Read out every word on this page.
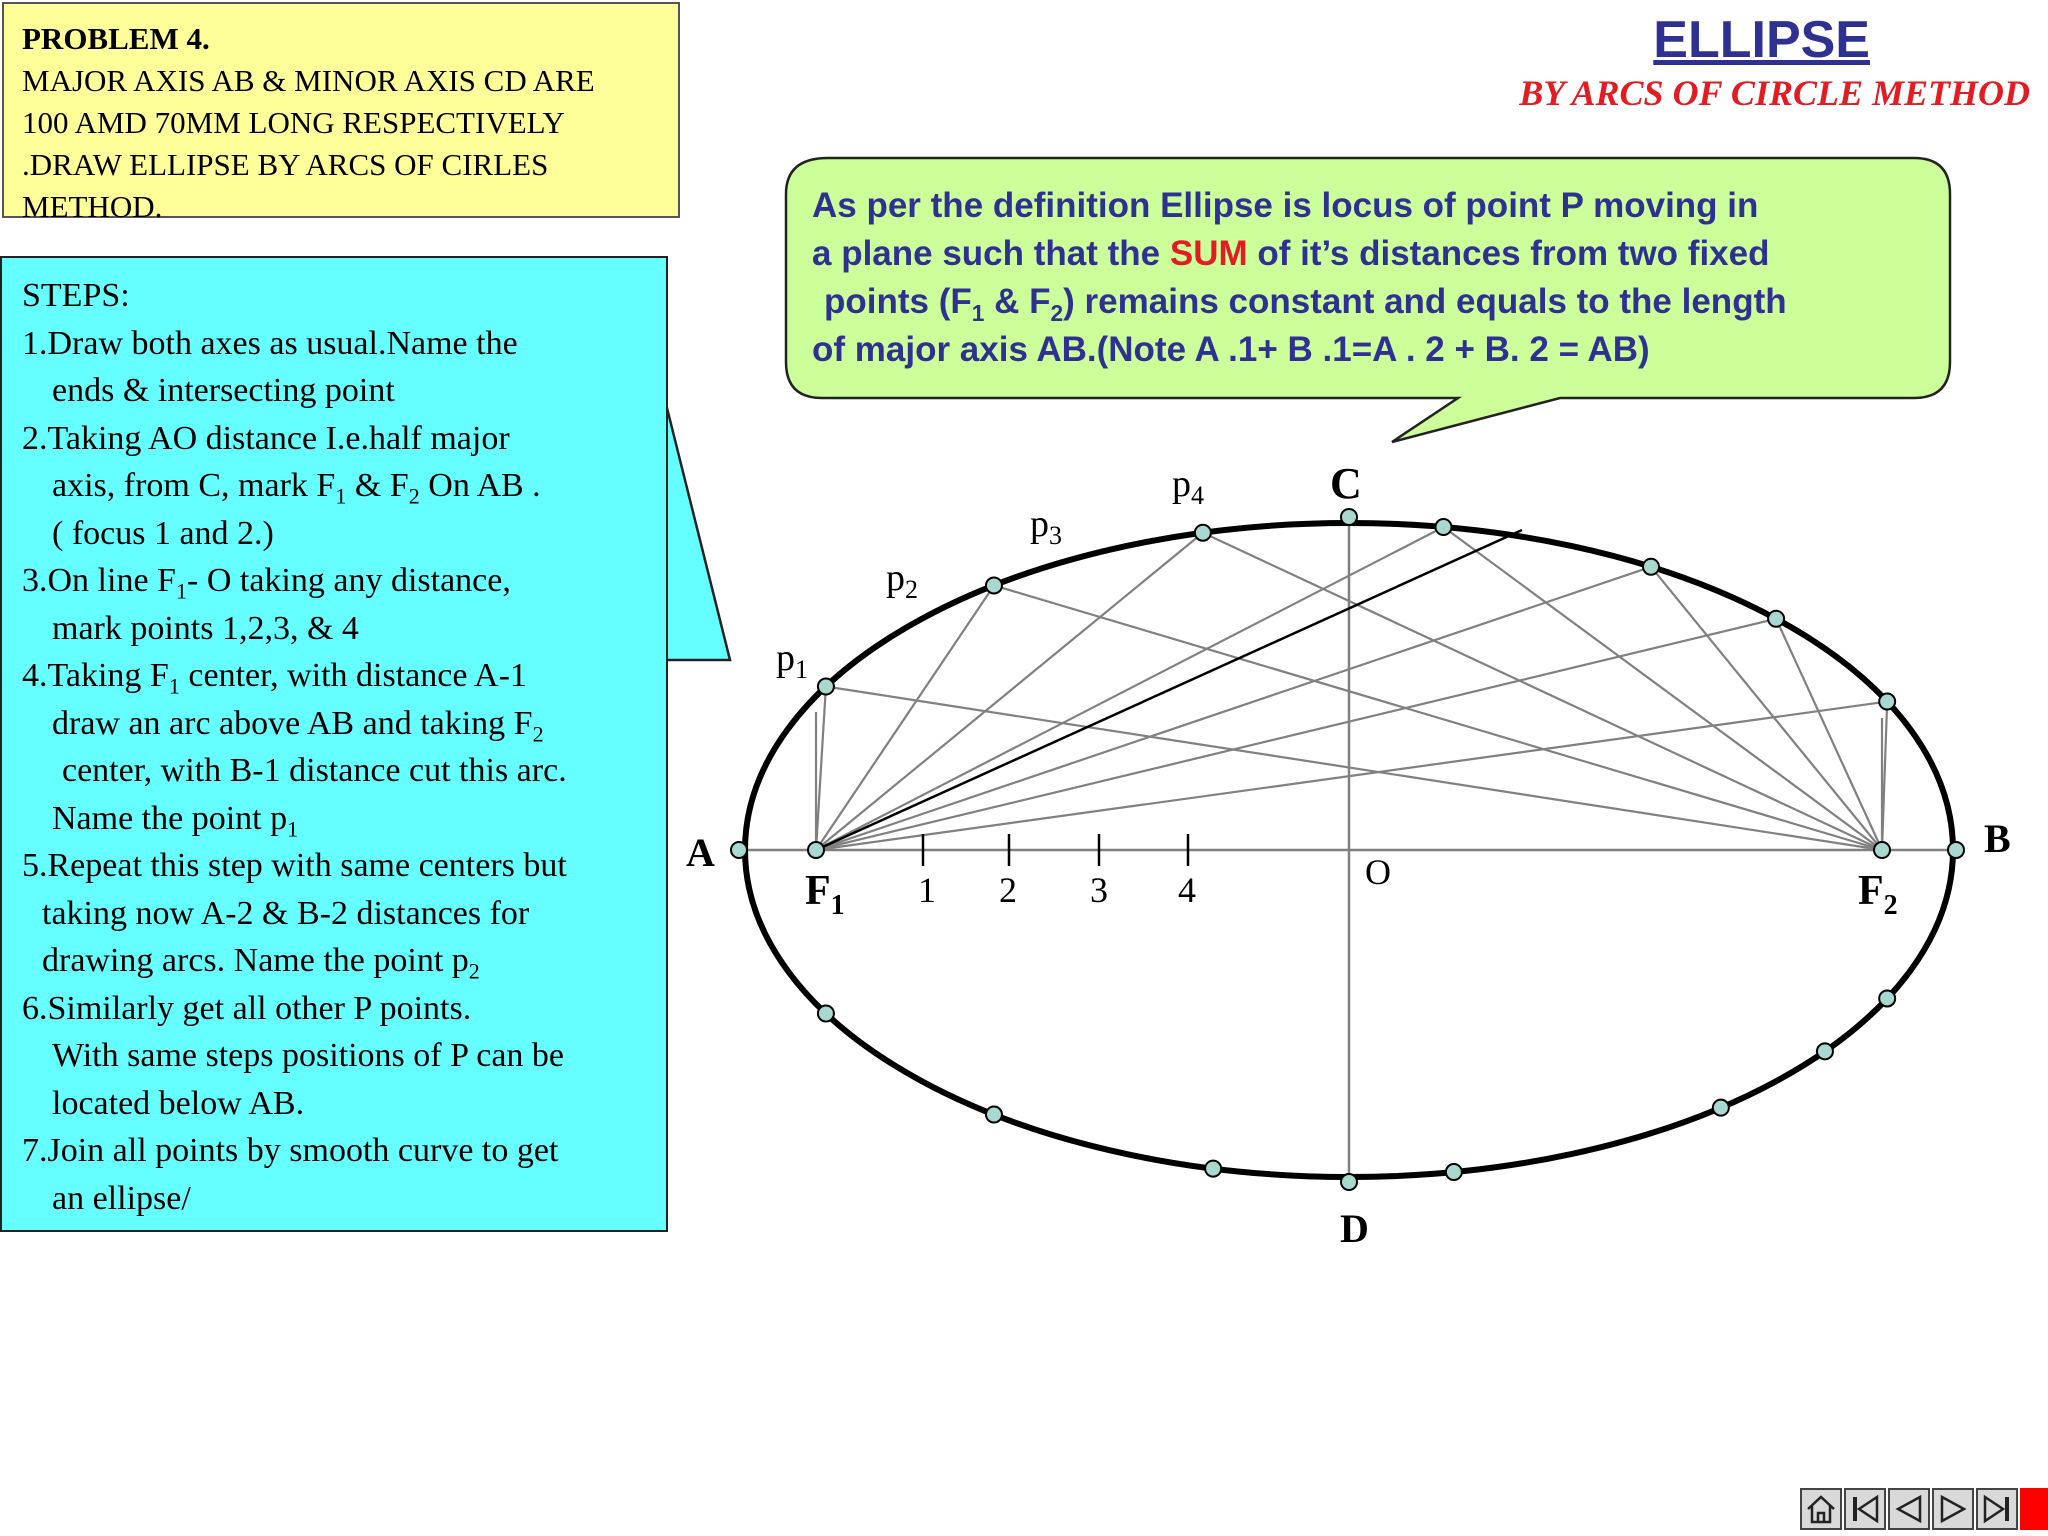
A	B
C
D
O
$F_1$	$F_2$
$p_1$
$p_2$
$p_3$
$p_4$
1 2 3 4
PROBLEM 4.
MAJOR AXIS AB & MINOR AXIS CD ARE
100 AMD 70MM LONG RESPECTIVELY
.DRAW ELLIPSE BY ARCS OF CIRLES
METHOD.
ELLIPSE
BY ARCS OF CIRCLE METHOD
As per the definition Ellipse is locus of point P moving in
a plane such that the SUM of it’s distances from two fixed
points ($F_1$ & $F_2$) remains constant and equals to the length
of major axis AB.(Note A .1+ B .1=A . 2 + B. 2 = AB)
STEPS:
1.Draw both axes as usual.Name the
ends & intersecting point
2.Taking AO distance I.e.half major
axis, from C, mark $F_1$ & $F_2$ On AB .
( focus 1 and 2.)
3.On line $F_1-$ O taking any distance,
mark points 1,2,3, & 4
4.Taking $F_1$ center, with distance A-1
draw an arc above AB and taking $F_2$
center, with B-1 distance cut this arc.
Name the point $p_1$
5.Repeat this step with same centers but
taking now A-2 & B-2 distances for
drawing arcs. Name the point $p_2$
6.Similarly get all other P points.
With same steps positions of P can be
located below AB.
7.Join all points by smooth curve to get
an ellipse/
